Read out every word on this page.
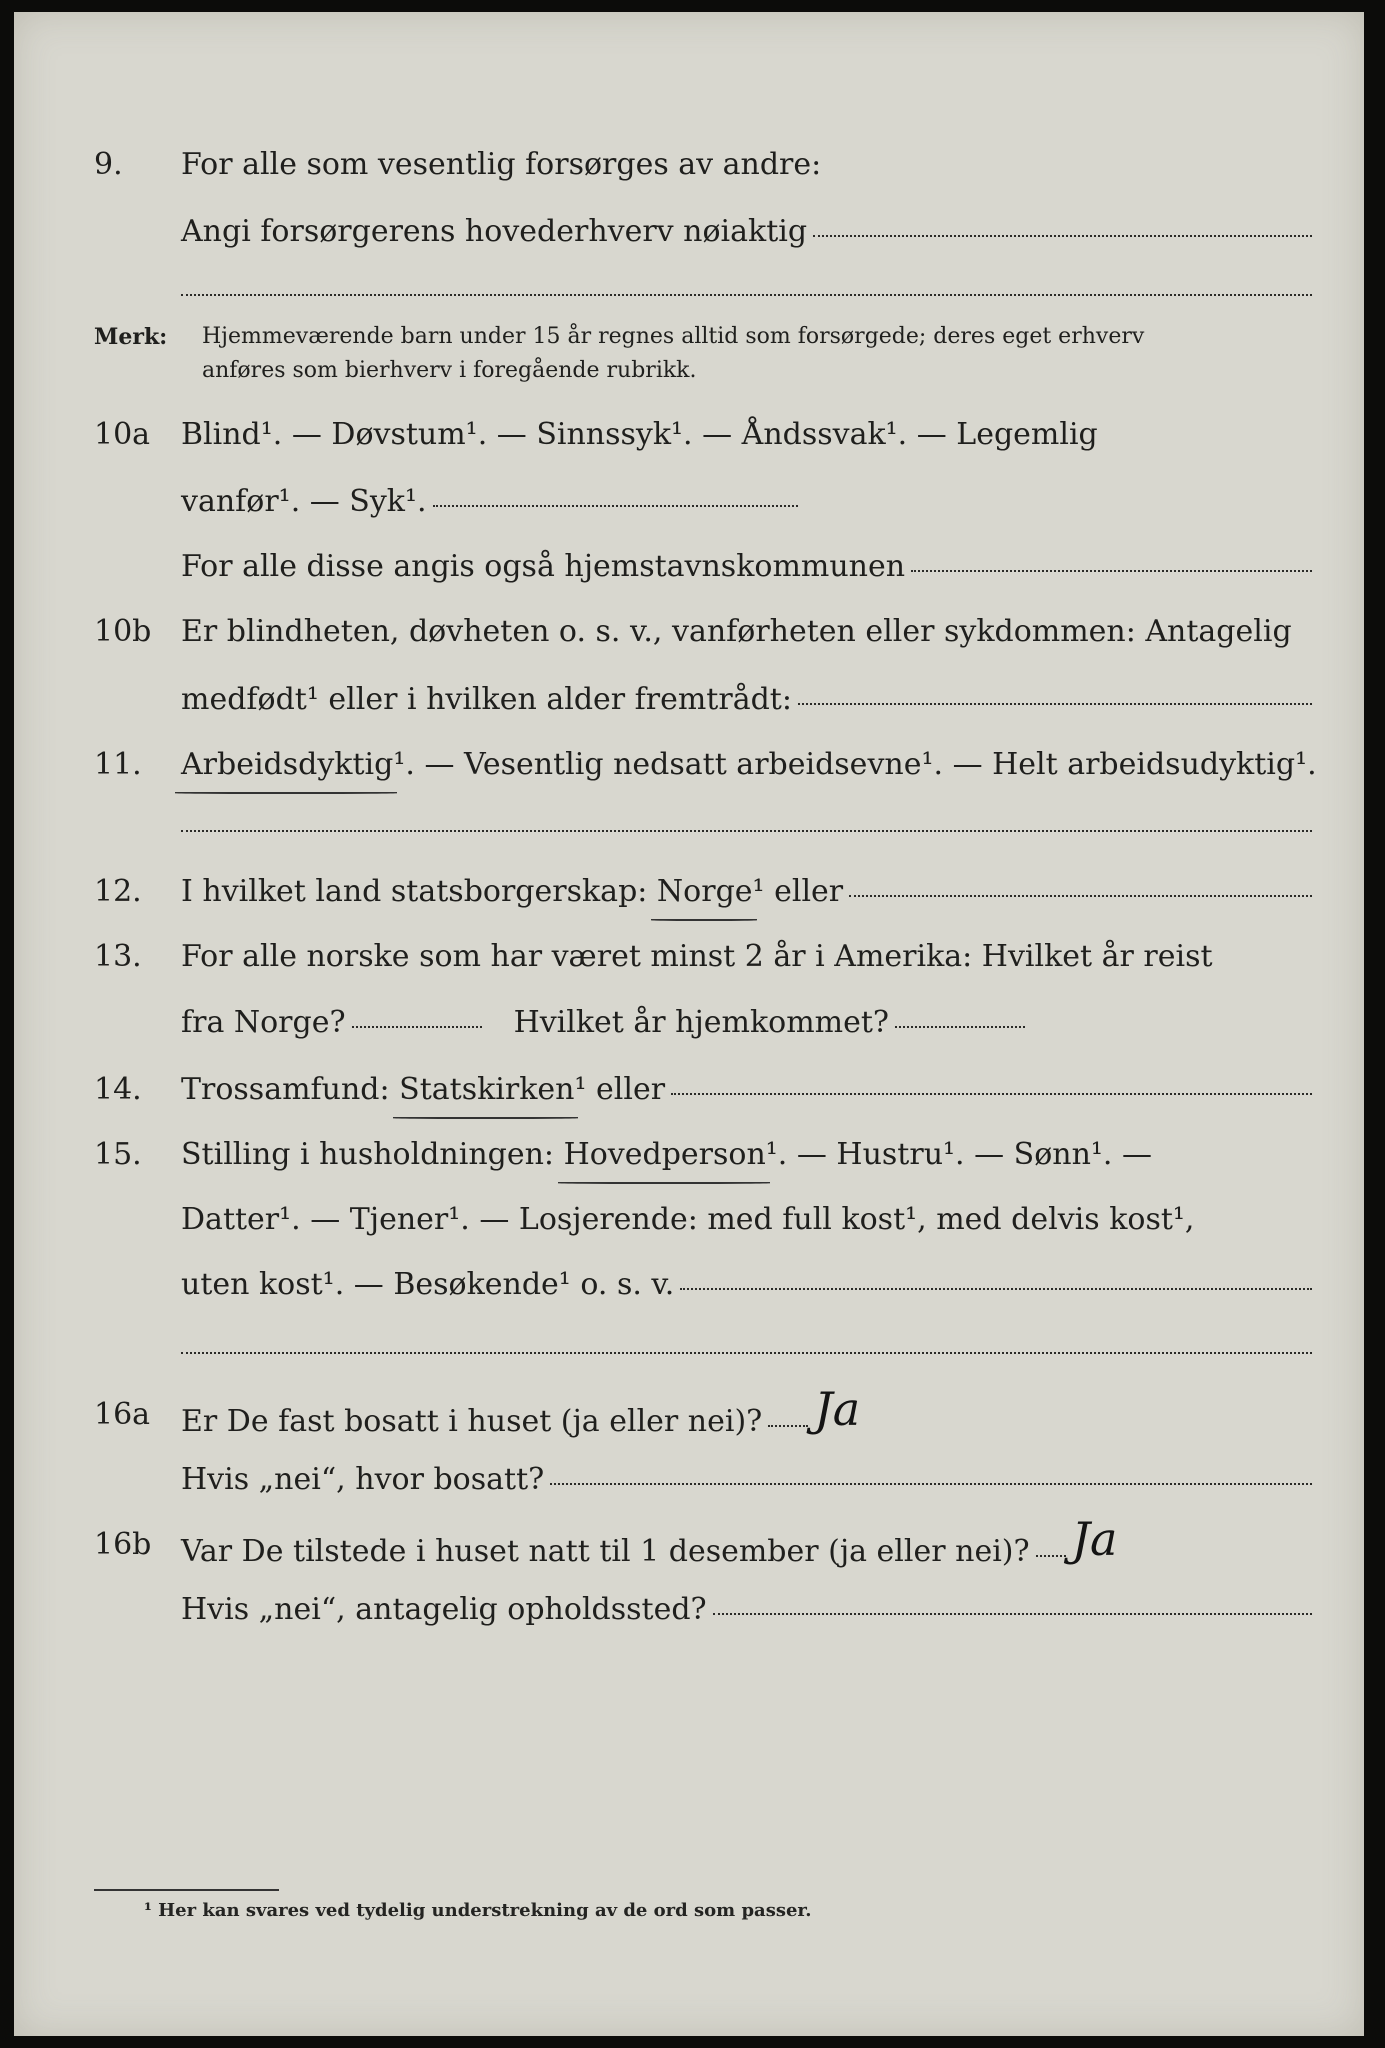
9. For alle som vesentlig forsørges av andre:
Angi forsørgerens hovederhverv nøiaktig
Merk: Hjemmeværende barn under 15 år regnes alltid som forsørgede; deres eget erhverv
anføres som bierhverv i foregående rubrikk.
10a Blind¹. — Døvstum¹. — Sinnssyk¹. — Åndssvak¹. — Legemlig
vanfør¹. — Syk¹.
For alle disse angis også hjemstavnskommunen
10b Er blindheten, døvheten o. s. v., vanførheten eller sykdommen: Antagelig
medfødt¹ eller i hvilken alder fremtrådt:
11. Arbeidsdyktig ¹. — Vesentlig nedsatt arbeidsevne¹. — Helt arbeidsudyktig¹.
12. I hvilket land statsborgerskap: Norge ¹ eller
13. For alle norske som har været minst 2 år i Amerika: Hvilket år reist
fra Norge?	Hvilket år hjemkommet?
14. Trossamfund: Statskirken ¹ eller
15. Stilling i husholdningen: Hovedperson ¹. — Hustru¹. — Sønn¹. —
Datter¹. — Tjener¹. — Losjerende: med full kost¹, med delvis kost¹,
uten kost¹. — Besøkende¹ o. s. v.
16a Er De fast bosatt i huset (ja eller nei)? Ja
Hvis „nei“, hvor bosatt?
16b Var De tilstede i huset natt til 1 desember (ja eller nei)? Ja
Hvis „nei“, antagelig opholdssted?
¹ Her kan svares ved tydelig understrekning av de ord som passer.
